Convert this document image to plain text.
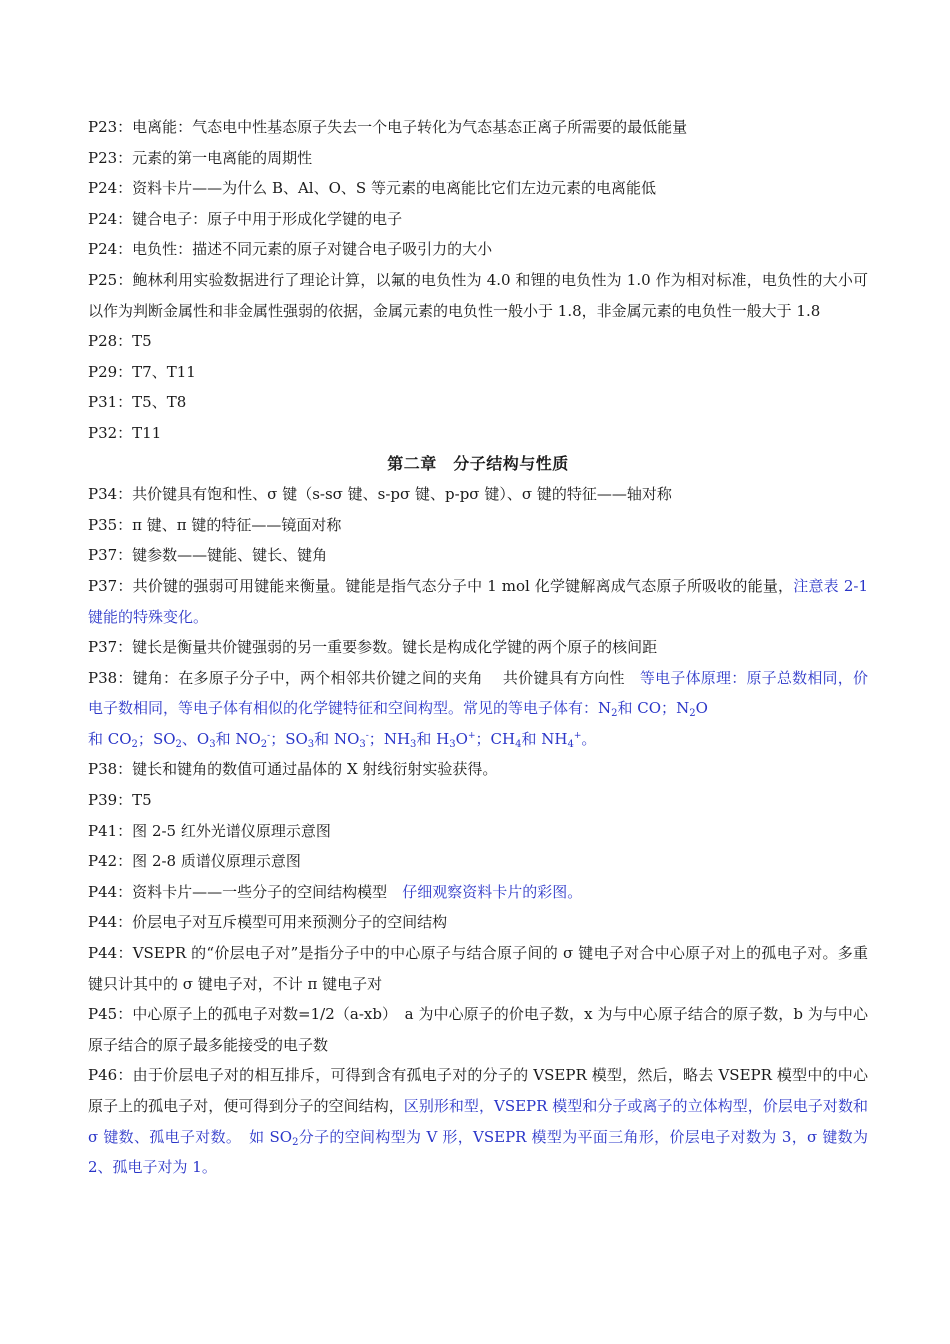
P23：电离能：气态电中性基态原子失去一个电子转化为气态基态正离子所需要的最低能量
P23：元素的第一电离能的周期性
P24：资料卡片——为什么 B、Al、O、S 等元素的电离能比它们左边元素的电离能低
P24：键合电子：原子中用于形成化学键的电子
P24：电负性：描述不同元素的原子对键合电子吸引力的大小
P25：鲍林利用实验数据进行了理论计算，以氟的电负性为 4.0 和锂的电负性为 1.0 作为相对标准，电负性的大小可以作为判断金属性和非金属性强弱的依据，金属元素的电负性一般小于 1.8，非金属元素的电负性一般大于 1.8
P28：T5
P29：T7、T11
P31：T5、T8
P32：T11
第二章　分子结构与性质
P34：共价键具有饱和性、σ 键（s-sσ 键、s-pσ 键、p-pσ 键）、σ 键的特征——轴对称
P35：π 键、π 键的特征——镜面对称
P37：键参数——键能、键长、键角
P37：共价键的强弱可用键能来衡量。键能是指气态分子中 1 mol 化学键解离成气态原子所吸收的能量，注意表 2-1 键能的特殊变化。
P37：键长是衡量共价键强弱的另一重要参数。键长是构成化学键的两个原子的核间距
P38：键角：在多原子分子中，两个相邻共价键之间的夹角　 共价键具有方向性　等电子体原理：原子总数相同，价电子数相同，等电子体有相似的化学键特征和空间构型。常见的等电子体有：$N_2$和 CO；$N_2O$
和 $CO_2$；$SO_2$、$O_3$和 $NO_2^-$；$SO_3$和 $NO_3^-$；$NH_3$和 $H_3O^+$；$CH_4$和 $NH_4^+$。
P38：键长和键角的数值可通过晶体的 X 射线衍射实验获得。
P39：T5
P41：图 2-5 红外光谱仪原理示意图
P42：图 2-8 质谱仪原理示意图
P44：资料卡片——一些分子的空间结构模型　仔细观察资料卡片的彩图。
P44：价层电子对互斥模型可用来预测分子的空间结构
P44：VSEPR 的“价层电子对”是指分子中的中心原子与结合原子间的 σ 键电子对合中心原子对上的孤电子对。多重键只计其中的 σ 键电子对，不计 π 键电子对
P45：中心原子上的孤电子对数=1/2（a-xb）　a 为中心原子的价电子数，x 为与中心原子结合的原子数，b 为与中心原子结合的原子最多能接受的电子数
P46：由于价层电子对的相互排斥，可得到含有孤电子对的分子的 VSEPR 模型，然后，略去 VSEPR 模型中的中心原子上的孤电子对，便可得到分子的空间结构，区别形和型，VSEPR 模型和分子或离子的立体构型，价层电子对数和 σ 键数、孤电子对数。　如 $SO_2$分子的空间构型为 V 形，VSEPR 模型为平面三角形，价层电子对数为 3，σ 键数为 2、孤电子对为 1。
